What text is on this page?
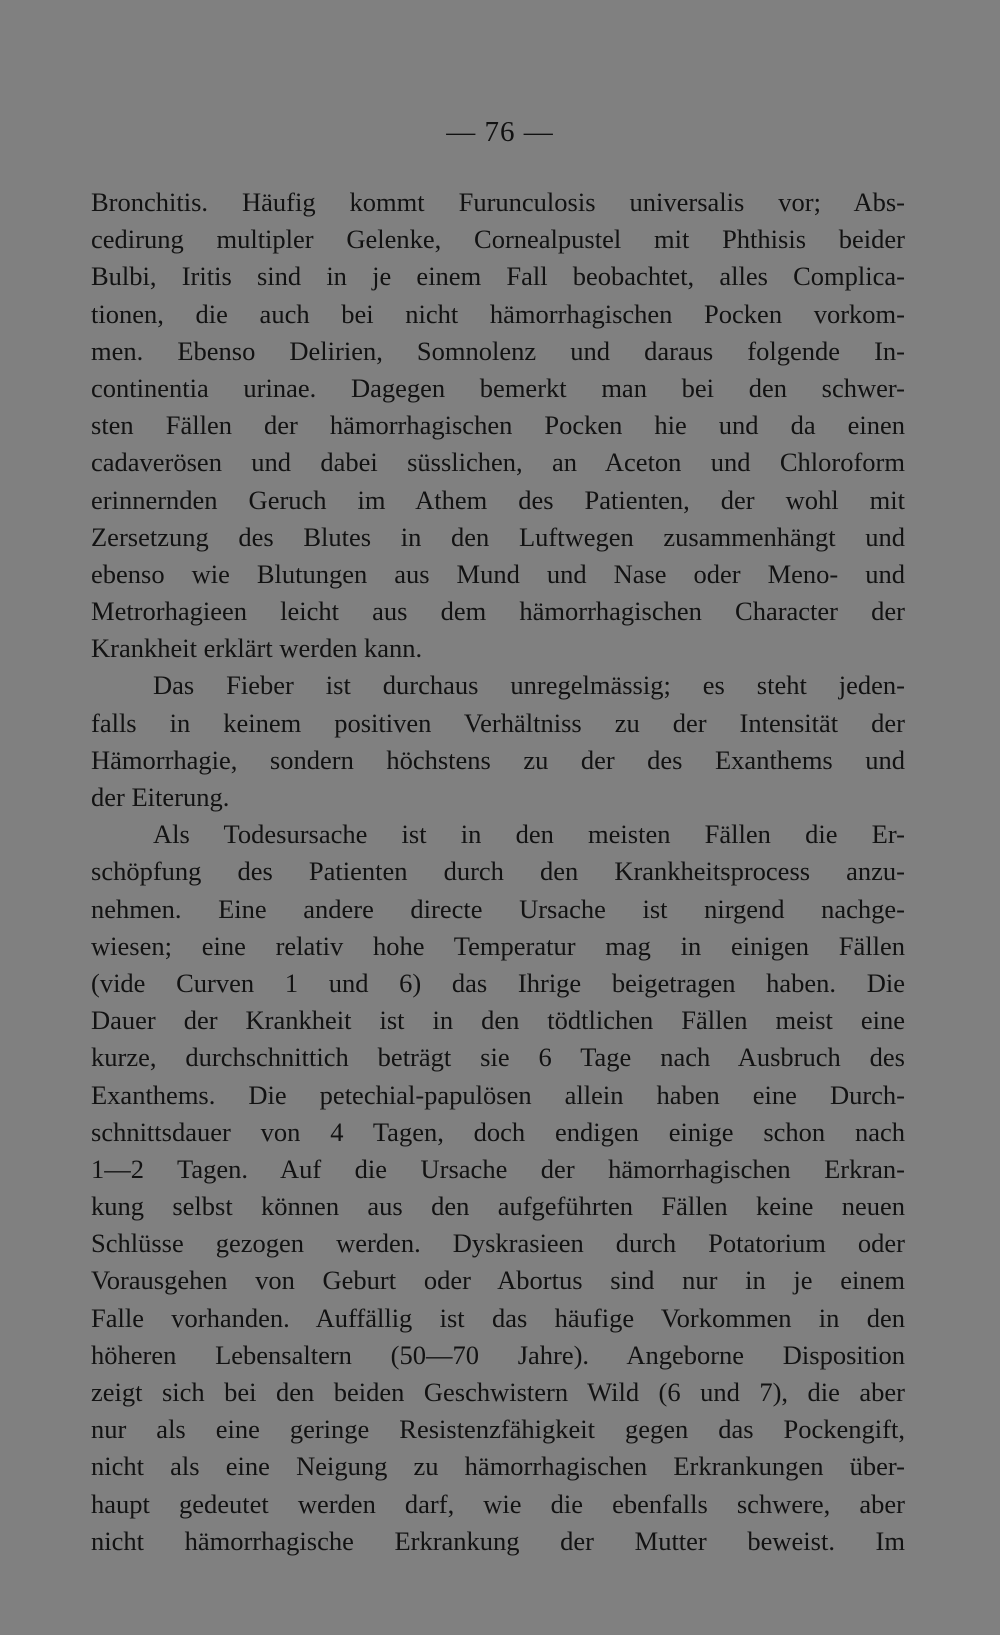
— 76 —
Bronchitis. Häufig kommt Furunculosis universalis vor; Abs-
cedirung multipler Gelenke, Cornealpustel mit Phthisis beider
Bulbi, Iritis sind in je einem Fall beobachtet, alles Complica-
tionen, die auch bei nicht hämorrhagischen Pocken vorkom-
men. Ebenso Delirien, Somnolenz und daraus folgende In-
continentia urinae. Dagegen bemerkt man bei den schwer-
sten Fällen der hämorrhagischen Pocken hie und da einen
cadaverösen und dabei süsslichen, an Aceton und Chloroform
erinnernden Geruch im Athem des Patienten, der wohl mit
Zersetzung des Blutes in den Luftwegen zusammenhängt und
ebenso wie Blutungen aus Mund und Nase oder Meno- und
Metrorhagieen leicht aus dem hämorrhagischen Character der
Krankheit erklärt werden kann.
Das Fieber ist durchaus unregelmässig; es steht jeden-
falls in keinem positiven Verhältniss zu der Intensität der
Hämorrhagie, sondern höchstens zu der des Exanthems und
der Eiterung.
Als Todesursache ist in den meisten Fällen die Er-
schöpfung des Patienten durch den Krankheitsprocess anzu-
nehmen. Eine andere directe Ursache ist nirgend nachge-
wiesen; eine relativ hohe Temperatur mag in einigen Fällen
(vide Curven 1 und 6) das Ihrige beigetragen haben. Die
Dauer der Krankheit ist in den tödtlichen Fällen meist eine
kurze, durchschnittich beträgt sie 6 Tage nach Ausbruch des
Exanthems. Die petechial-papulösen allein haben eine Durch-
schnittsdauer von 4 Tagen, doch endigen einige schon nach
1—2 Tagen. Auf die Ursache der hämorrhagischen Erkran-
kung selbst können aus den aufgeführten Fällen keine neuen
Schlüsse gezogen werden. Dyskrasieen durch Potatorium oder
Vorausgehen von Geburt oder Abortus sind nur in je einem
Falle vorhanden. Auffällig ist das häufige Vorkommen in den
höheren Lebensaltern (50—70 Jahre). Angeborne Disposition
zeigt sich bei den beiden Geschwistern Wild (6 und 7), die aber
nur als eine geringe Resistenzfähigkeit gegen das Pockengift,
nicht als eine Neigung zu hämorrhagischen Erkrankungen über-
haupt gedeutet werden darf, wie die ebenfalls schwere, aber
nicht hämorrhagische Erkrankung der Mutter beweist. Im
